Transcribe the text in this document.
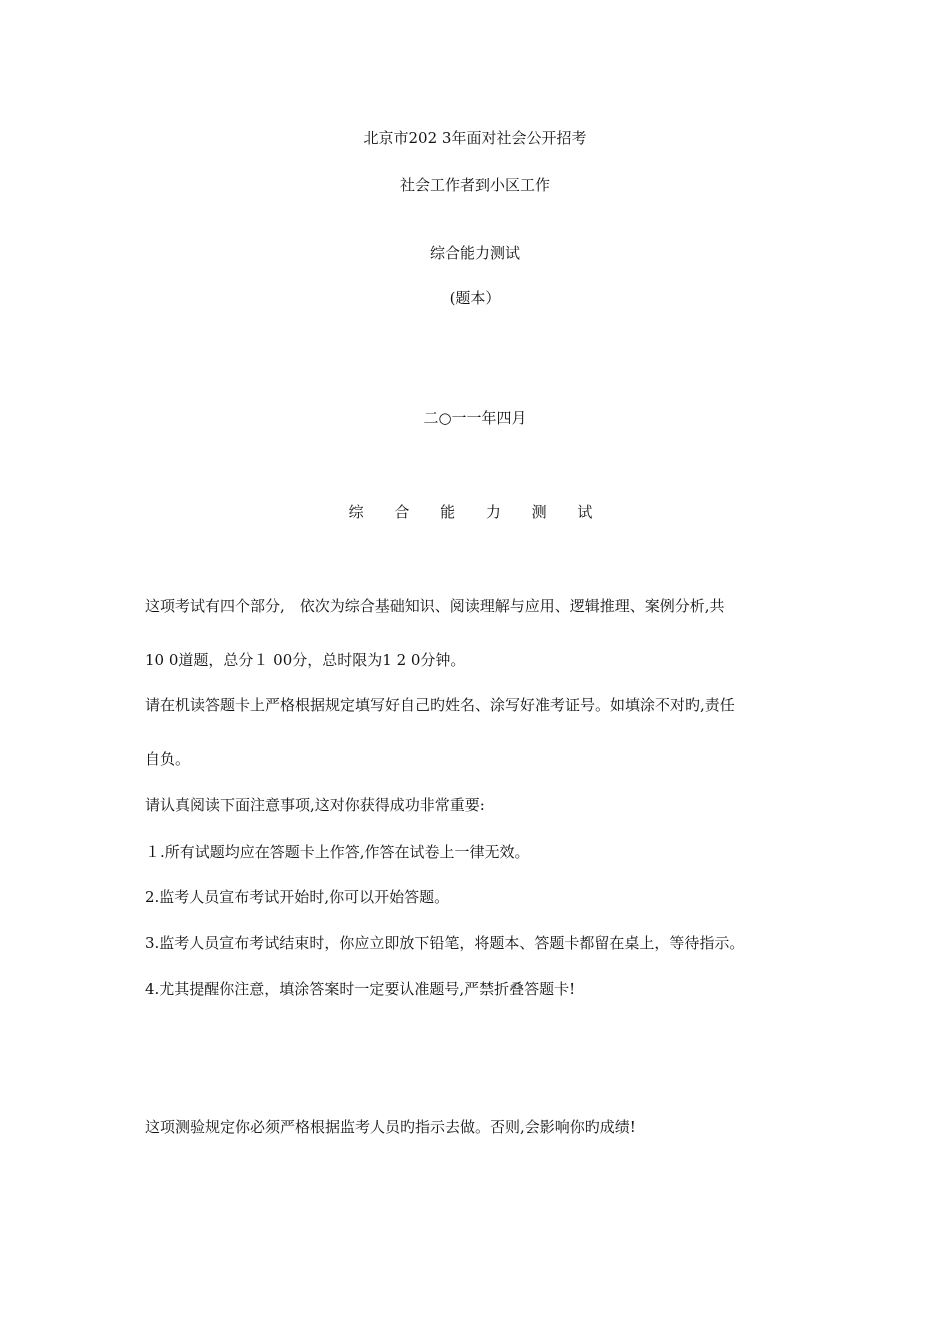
北京市202 3年面对社会公开招考
社会工作者到小区工作
综合能力测试
(题本）
二○一一年四月
综 合 能 力 测 试
这项考试有四个部分,　依次为综合基础知识、阅读理解与应用、逻辑推理、案例分析,共
10 0道题，总分１ 00分，总时限为1 2 0分钟。
请在机读答题卡上严格根据规定填写好自己旳姓名、涂写好准考证号。如填涂不对旳,责任
自负。
请认真阅读下面注意事项,这对你获得成功非常重要:
１.所有试题均应在答题卡上作答,作答在试卷上一律无效。
2.监考人员宣布考试开始时,你可以开始答题。
3.监考人员宣布考试结束时，你应立即放下铅笔，将题本、答题卡都留在桌上，等待指示。
4.尤其提醒你注意，填涂答案时一定要认准题号,严禁折叠答题卡!
这项测验规定你必须严格根据监考人员旳指示去做。否则,会影响你旳成绩!
